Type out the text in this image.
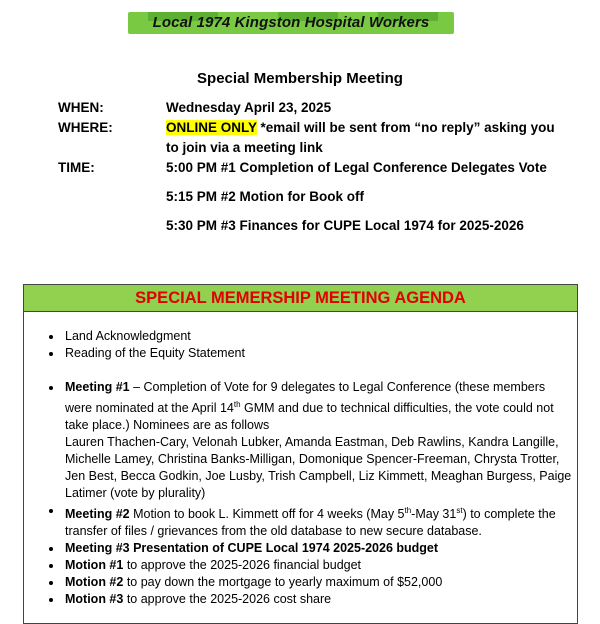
Local 1974 Kingston Hospital Workers
Special Membership Meeting
WHEN:	Wednesday April 23, 2025
WHERE:	ONLINE ONLY *email will be sent from “no reply” asking you
to join via a meeting link
TIME:	5:00 PM #1 Completion of Legal Conference Delegates Vote
5:15 PM #2 Motion for Book off
5:30 PM #3 Finances for CUPE Local 1974 for 2025-2026
SPECIAL MEMERSHIP MEETING AGENDA
Land Acknowledgment
Reading of the Equity Statement
Meeting #1 – Completion of Vote for 9 delegates to Legal Conference (these members were nominated at the April 14th GMM and due to technical difficulties, the vote could not take place.) Nominees are as follows
Lauren Thachen-Cary, Velonah Lubker, Amanda Eastman, Deb Rawlins, Kandra Langille, Michelle Lamey, Christina Banks-Milligan, Domonique Spencer-Freeman, Chrysta Trotter, Jen Best, Becca Godkin, Joe Lusby, Trish Campbell, Liz Kimmett, Meaghan Burgess, Paige Latimer (vote by plurality)
Meeting #2 Motion to book L. Kimmett off for 4 weeks (May 5th-May 31st) to complete the transfer of files / grievances from the old database to new secure database.
Meeting #3 Presentation of CUPE Local 1974 2025-2026 budget
Motion #1 to approve the 2025-2026 financial budget
Motion #2 to pay down the mortgage to yearly maximum of $52,000
Motion #3 to approve the 2025-2026 cost share
